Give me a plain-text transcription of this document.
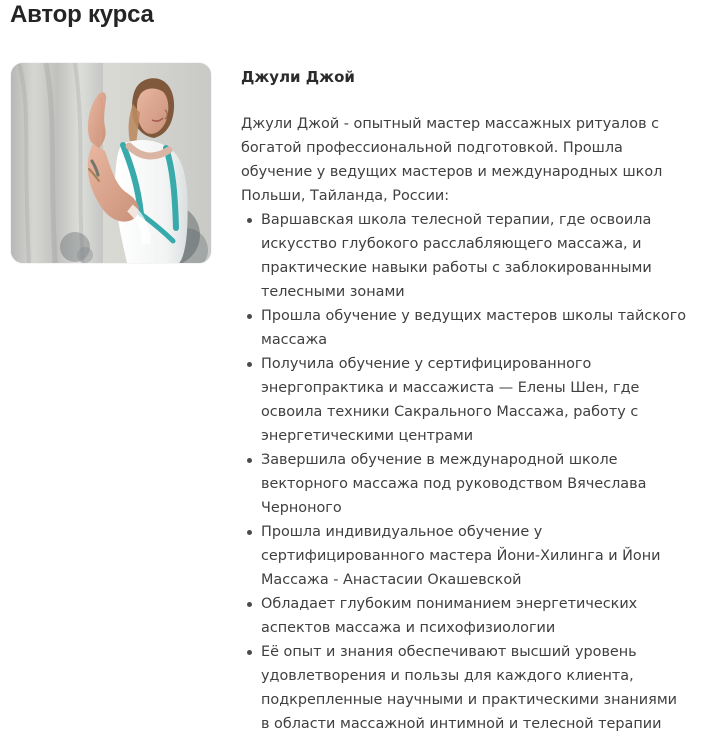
Автор курса
Джули Джой

Джули Джой - опытный мастер массажных ритуалов с
богатой профессиональной подготовкой. Прошла
обучение у ведущих мастеров и международных школ
Польши, Тайланда, России:

Варшавская школа телесной терапии, где освоила
искусство глубокого расслабляющего массажа, и
практические навыки работы с заблокированными
телесными зонами
Прошла обучение у ведущих мастеров школы тайского
массажа
Получила обучение у сертифицированного
энергопрактика и массажиста — Елены Шен, где
освоила техники Сакрального Массажа, работу с
энергетическими центрами
Завершила обучение в международной школе
векторного массажа под руководством Вячеслава
Черноного
Прошла индивидуальное обучение у
сертифицированного мастера Йони-Хилинга и Йони
Массажа - Анастасии Окашевской
Обладает глубоким пониманием энергетических
аспектов массажа и психофизиологии
Её опыт и знания обеспечивают высший уровень
удовлетворения и пользы для каждого клиента,
подкрепленные научными и практическими знаниями
в области массажной интимной и телесной терапии
